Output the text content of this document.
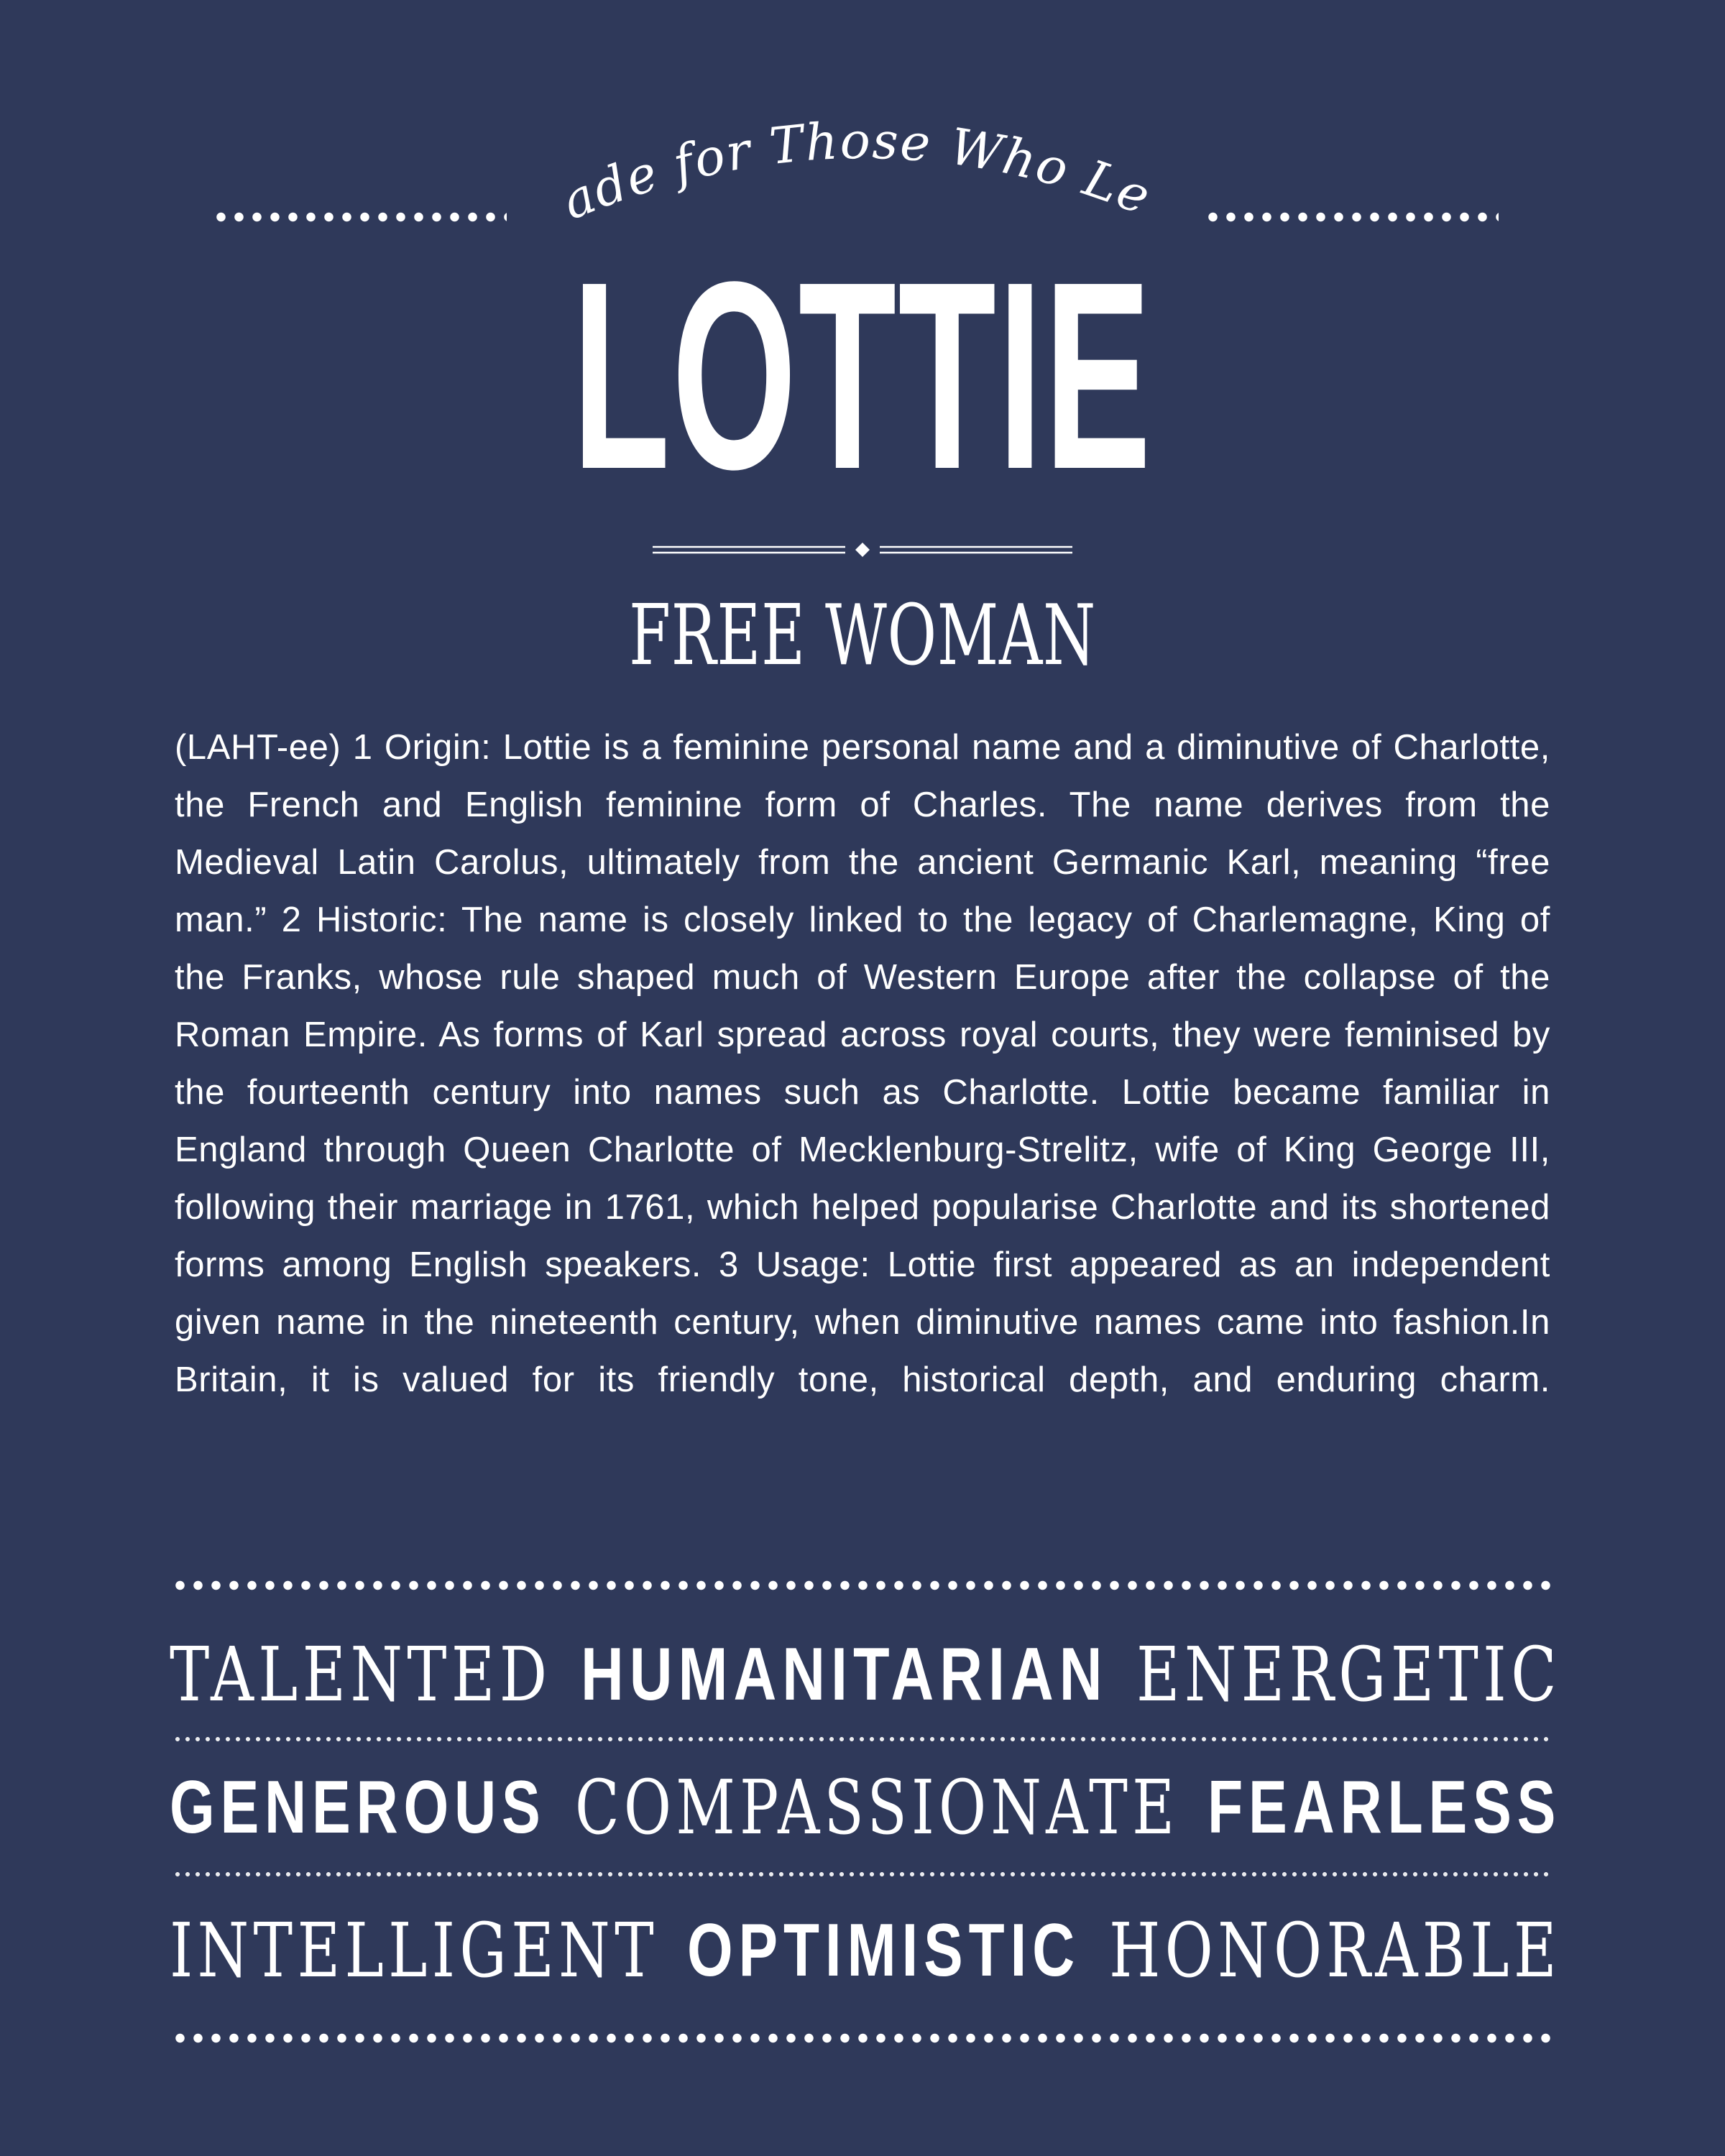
Made for Those Who Lead
LOTTIE
FREE WOMAN
(LAHT-ee) 1 Origin: Lottie is a feminine personal name and a diminutive of Charlotte, the French and English feminine form of Charles. The name derives from the Medieval Latin Carolus, ultimately from the ancient Germanic Karl, meaning “free man.” 2 Historic: The name is closely linked to the legacy of Charlemagne, King of the Franks, whose rule shaped much of Western Europe after the collapse of the Roman Empire. As forms of Karl spread across royal courts, they were feminised by the fourteenth century into names such as Charlotte. Lottie became familiar in England through Queen Charlotte of Mecklenburg-Strelitz, wife of King George III, following their marriage in 1761, which helped popularise Charlotte and its shortened forms among English speakers. 3 Usage: Lottie first appeared as an independent given name in the nineteenth century, when diminutive names came into fashion.In Britain, it is valued for its friendly tone, historical depth, and enduring charm.
TALENTED HUMANITARIAN ENERGETIC
GENEROUS COMPASSIONATE FEARLESS
INTELLIGENT OPTIMISTIC HONORABLE
